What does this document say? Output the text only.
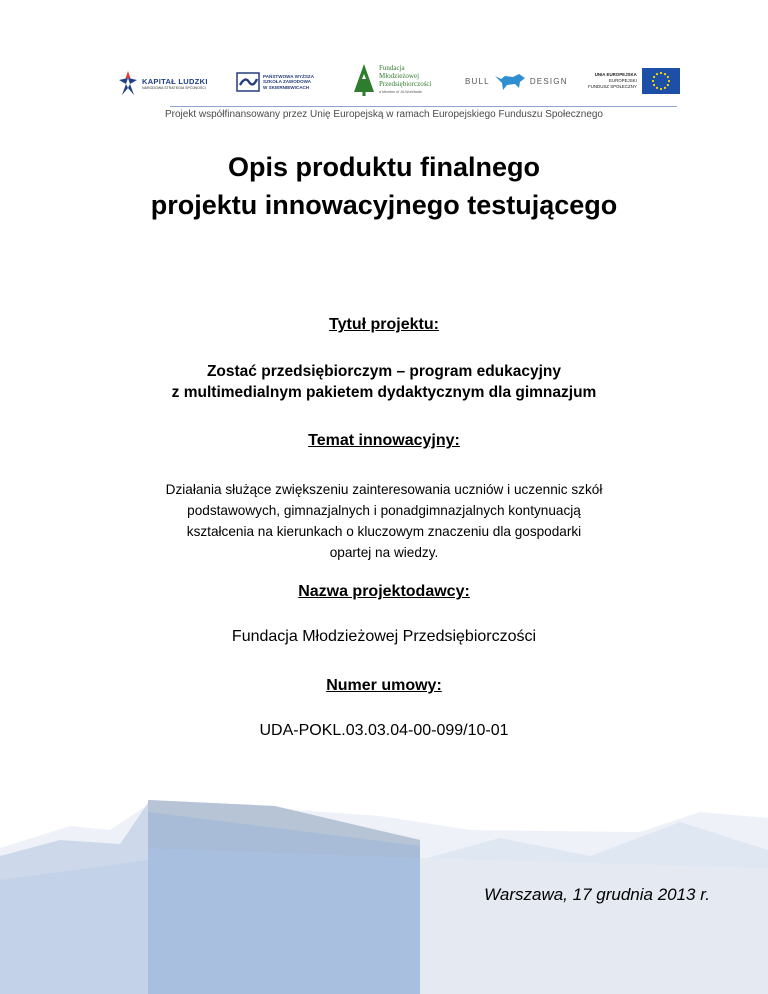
KAPITAŁ LUDZKI
NARODOWA STRATEGIA SPÓJNOŚCI
PAŃSTWOWA WYŻSZA
SZKOŁA ZAWODOWA
W SKIERNIEWICACH
Fundacja
Młodzieżowej
Przedsiębiorczości
a Member of JA Worldwide
BULL	DESIGN
UNIA EUROPEJSKA
EUROPEJSKI
FUNDUSZ SPOŁECZNY
Projekt współfinansowany przez Unię Europejską w ramach Europejskiego Funduszu Społecznego
Opis produktu finalnego
projektu innowacyjnego testującego
Tytuł projektu:
Zostać przedsiębiorczym – program edukacyjny
z multimedialnym pakietem dydaktycznym dla gimnazjum
Temat innowacyjny:
Działania służące zwiększeniu zainteresowania uczniów i uczennic szkół
podstawowych, gimnazjalnych i ponadgimnazjalnych kontynuacją
kształcenia na kierunkach o kluczowym znaczeniu dla gospodarki
opartej na wiedzy.
Nazwa projektodawcy:
Fundacja Młodzieżowej Przedsiębiorczości
Numer umowy:
UDA-POKL.03.03.04-00-099/10-01
Warszawa, 17 grudnia 2013 r.
